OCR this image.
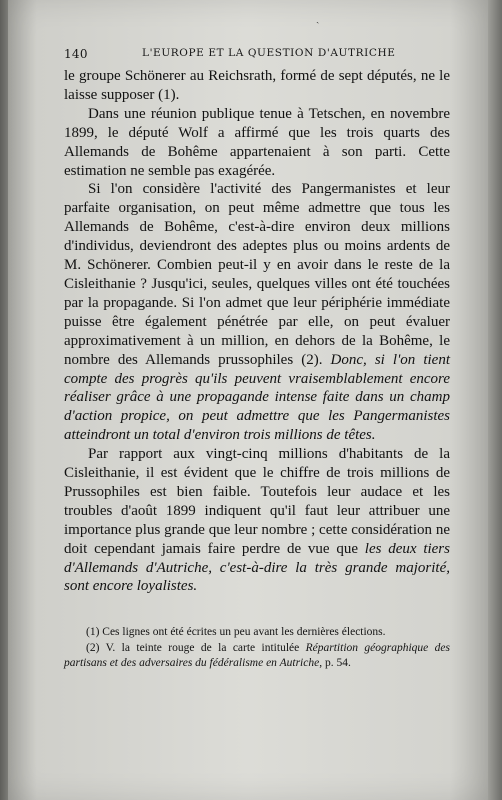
ˏ
140	L'EUROPE ET LA QUESTION D'AUTRICHE

le groupe Schönerer au Reichsrath, formé de sept députés, ne le laisse supposer (1).

Dans une réunion publique tenue à Tetschen, en novembre 1899, le député Wolf a affirmé que les trois quarts des Allemands de Bohême appartenaient à son parti. Cette estimation ne semble pas exagérée.

Si l'on considère l'activité des Pangermanistes et leur parfaite organisation, on peut même admettre que tous les Allemands de Bohême, c'est-à-dire environ deux millions d'individus, deviendront des adeptes plus ou moins ardents de M. Schönerer. Combien peut-il y en avoir dans le reste de la Cisleithanie ? Jusqu'ici, seules, quelques villes ont été touchées par la propagande. Si l'on admet que leur périphérie immédiate puisse être également pénétrée par elle, on peut évaluer approximativement à un million, en dehors de la Bohême, le nombre des Allemands prussophiles (2). Donc, si l'on tient compte des progrès qu'ils peuvent vraisemblablement encore réaliser grâce à une propagande intense faite dans un champ d'action propice, on peut admettre que les Pangermanistes atteindront un total d'environ trois millions de têtes.

Par rapport aux vingt-cinq millions d'habitants de la Cisleithanie, il est évident que le chiffre de trois millions de Prussophiles est bien faible. Toutefois leur audace et les troubles d'août 1899 indiquent qu'il faut leur attribuer une importance plus grande que leur nombre ; cette considération ne doit cependant jamais faire perdre de vue que les deux tiers d'Allemands d'Autriche, c'est-à-dire la très grande majorité, sont encore loyalistes.

(1) Ces lignes ont été écrites un peu avant les dernières élections.

(2) V. la teinte rouge de la carte intitulée Répartition géographique des partisans et des adversaires du fédéralisme en Autriche, p. 54.
